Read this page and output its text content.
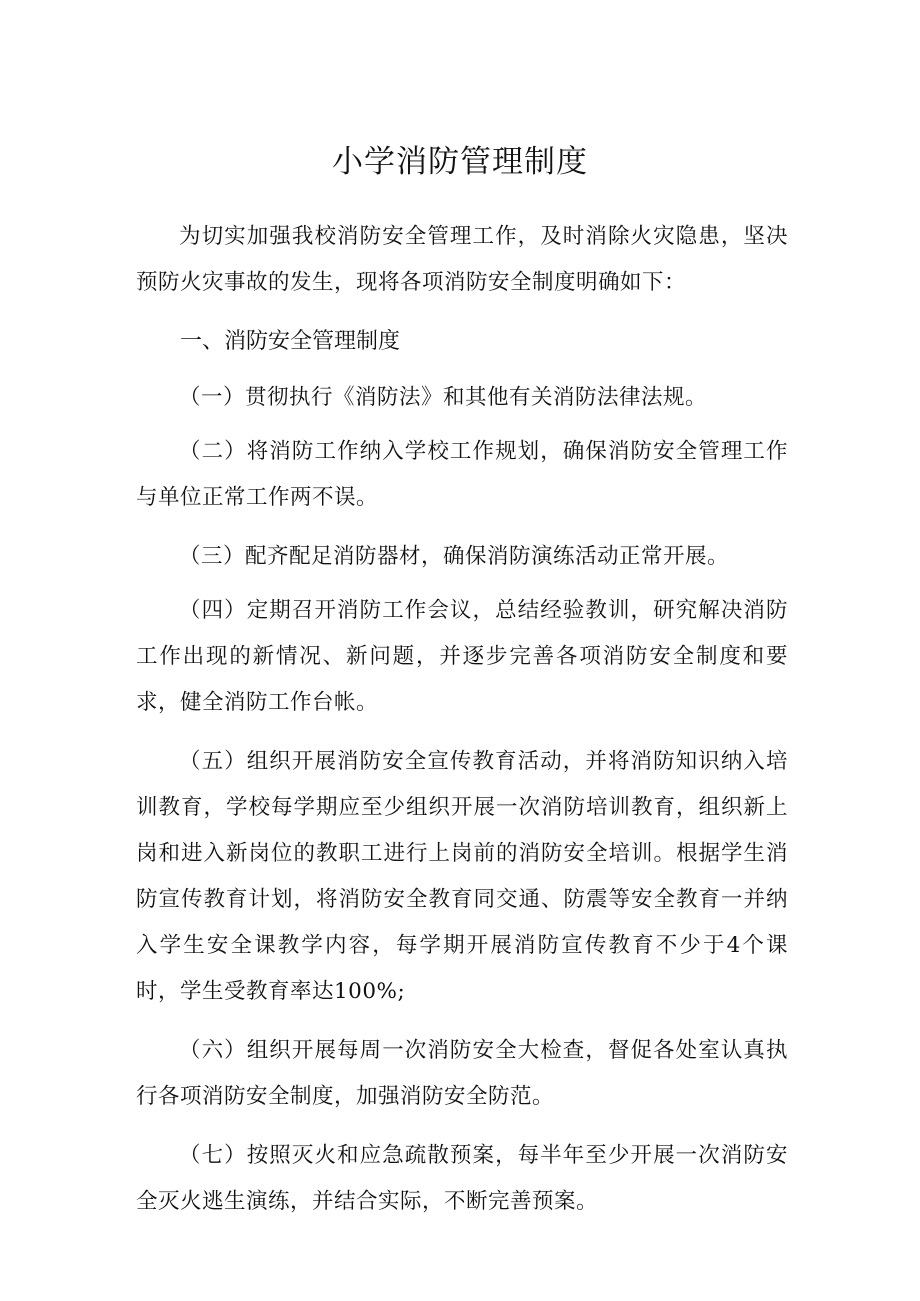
小学消防管理制度

为切实加强我校消防安全管理工作，及时消除火灾隐患，坚决预防火灾事故的发生，现将各项消防安全制度明确如下：

一、消防安全管理制度

（一）贯彻执行《消防法》和其他有关消防法律法规。

（二）将消防工作纳入学校工作规划，确保消防安全管理工作与单位正常工作两不误。

（三）配齐配足消防器材，确保消防演练活动正常开展。

（四）定期召开消防工作会议，总结经验教训，研究解决消防工作出现的新情况、新问题，并逐步完善各项消防安全制度和要求，健全消防工作台帐。

（五）组织开展消防安全宣传教育活动，并将消防知识纳入培训教育，学校每学期应至少组织开展一次消防培训教育，组织新上岗和进入新岗位的教职工进行上岗前的消防安全培训。根据学生消防宣传教育计划，将消防安全教育同交通、防震等安全教育一并纳入学生安全课教学内容，每学期开展消防宣传教育不少于4个课时，学生受教育率达100%;

（六）组织开展每周一次消防安全大检查，督促各处室认真执行各项消防安全制度，加强消防安全防范。

（七）按照灭火和应急疏散预案，每半年至少开展一次消防安全灭火逃生演练，并结合实际，不断完善预案。
